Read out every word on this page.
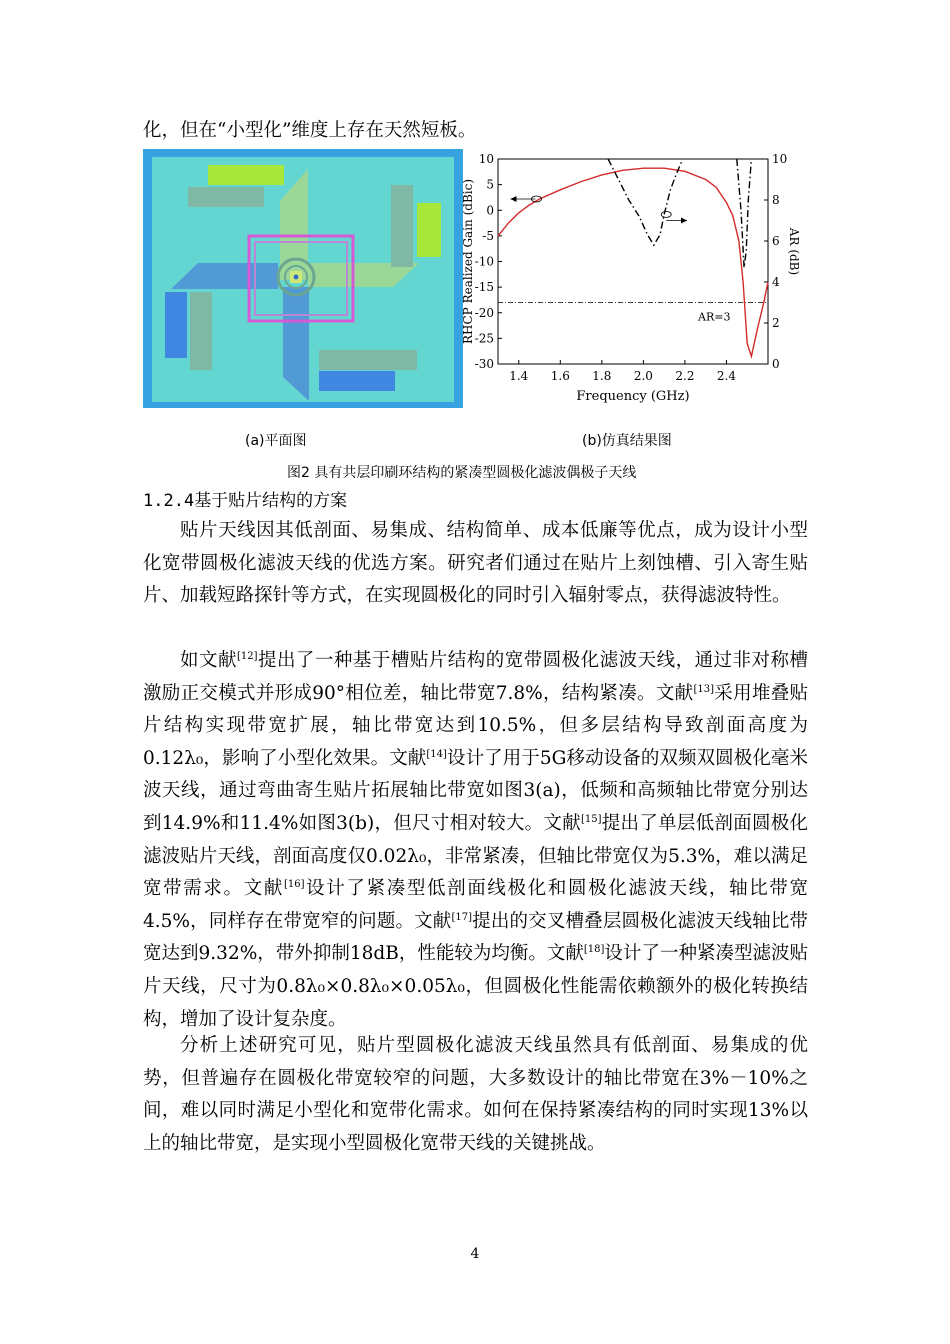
化，但在“小型化”维度上存在天然短板。

1.4 1.6 1.8 2.0 2.2 2.4
10
5
0
-5
-10
-15
-20
-25
-30
10
8
6
4
2
0
Frequency (GHz)
RHCP Realized Gain (dBic)	AR (dB)
AR=3
(a)平面图	(b)仿真结果图
图2 具有共层印刷环结构的紧凑型圆极化滤波偶极子天线
1.2.4基于贴片结构的方案

贴片天线因其低剖面、易集成、结构简单、成本低廉等优点，成为设计小型化宽带圆极化滤波天线的优选方案。研究者们通过在贴片上刻蚀槽、引入寄生贴片、加载短路探针等方式，在实现圆极化的同时引入辐射零点，获得滤波特性。

如文献[12]提出了一种基于槽贴片结构的宽带圆极化滤波天线，通过非对称槽激励正交模式并形成90°相位差，轴比带宽7.8%，结构紧凑。文献[13]采用堆叠贴片结构实现带宽扩展，轴比带宽达到10.5%，但多层结构导致剖面高度为0.12λ₀，影响了小型化效果。文献[14]设计了用于5G移动设备的双频双圆极化毫米波天线，通过弯曲寄生贴片拓展轴比带宽如图3(a)，低频和高频轴比带宽分别达到14.9%和11.4%如图3(b)，但尺寸相对较大。文献[15]提出了单层低剖面圆极化滤波贴片天线，剖面高度仅0.02λ₀，非常紧凑，但轴比带宽仅为5.3%，难以满足宽带需求。文献[16]设计了紧凑型低剖面线极化和圆极化滤波天线，轴比带宽4.5%，同样存在带宽窄的问题。文献[17]提出的交叉槽叠层圆极化滤波天线轴比带宽达到9.32%，带外抑制18dB，性能较为均衡。文献[18]设计了一种紧凑型滤波贴片天线，尺寸为0.8λ₀×0.8λ₀×0.05λ₀，但圆极化性能需依赖额外的极化转换结构，增加了设计复杂度。

分析上述研究可见，贴片型圆极化滤波天线虽然具有低剖面、易集成的优势，但普遍存在圆极化带宽较窄的问题，大多数设计的轴比带宽在3%－10%之间，难以同时满足小型化和宽带化需求。如何在保持紧凑结构的同时实现13%以上的轴比带宽，是实现小型圆极化宽带天线的关键挑战。

4
